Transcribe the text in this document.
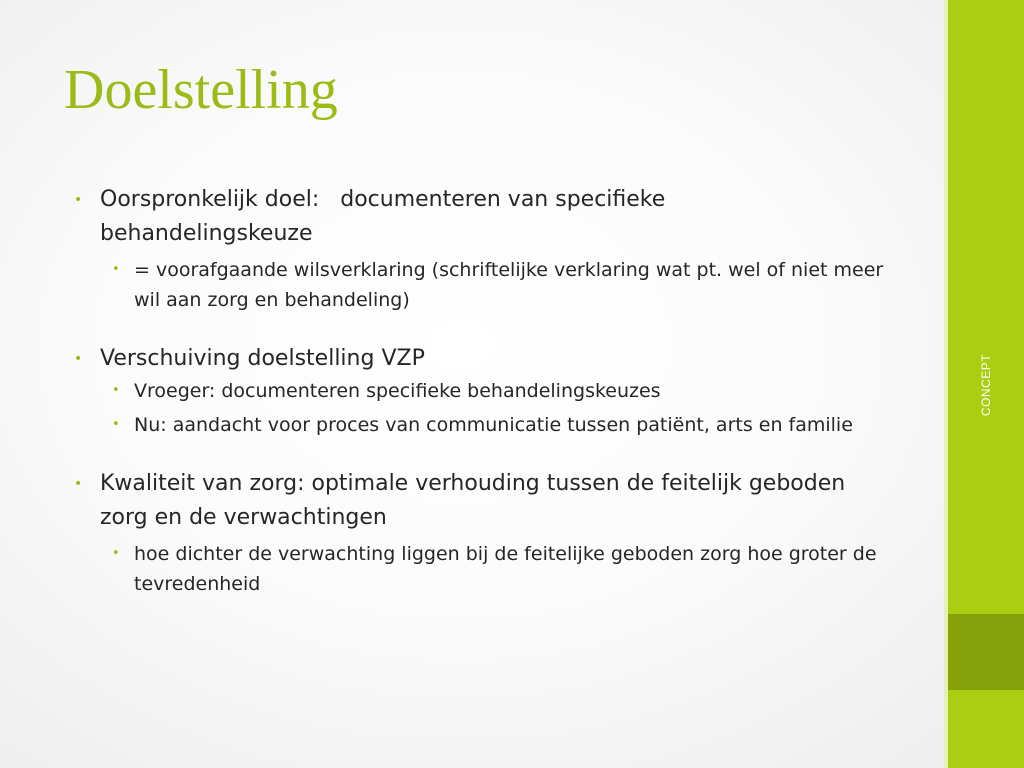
Doelstelling
• Oorspronkelijk doel:   documenteren van specifieke behandelingskeuze
• = voorafgaande wilsverklaring (schriftelijke verklaring wat pt. wel of niet meer wil aan zorg en behandeling)
• Verschuiving doelstelling VZP
• Vroeger: documenteren specifieke behandelingskeuzes
• Nu: aandacht voor proces van communicatie tussen patiënt, arts en familie
• Kwaliteit van zorg: optimale verhouding tussen de feitelijk geboden zorg en de verwachtingen
• hoe dichter de verwachting liggen bij de feitelijke geboden zorg hoe groter de tevredenheid
CONCEPT
